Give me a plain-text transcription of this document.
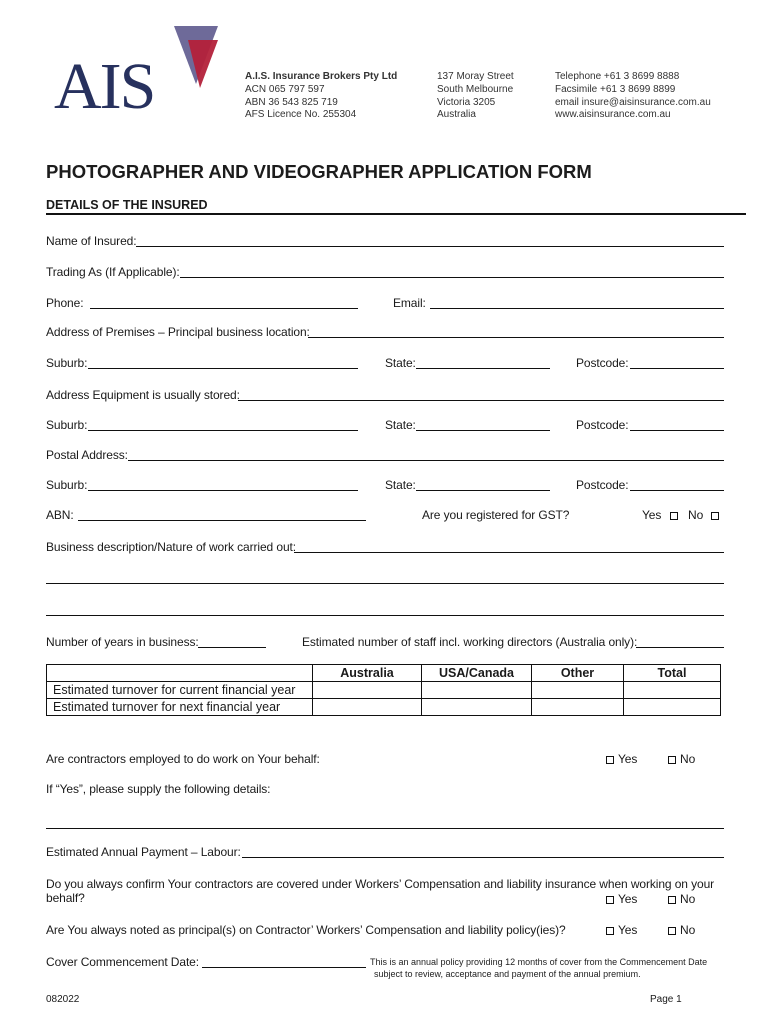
AIS	A.I.S. Insurance Brokers Pty Ltd
ACN 065 797 597
ABN 36 543 825 719
AFS Licence No. 255304
137 Moray Street
South Melbourne
Victoria 3205
Australia
Telephone +61 3 8699 8888
Facsimile +61 3 8699 8899
email insure@aisinsurance.com.au
www.aisinsurance.com.au
PHOTOGRAPHER AND VIDEOGRAPHER APPLICATION FORM
DETAILS OF THE INSURED
Name of Insured:
Trading As (If Applicable):
Phone:	Email:
Address of Premises – Principal business location:
Suburb:	State:	Postcode:
Address Equipment is usually stored:
Suburb:	State:	Postcode:
Postal Address:
Suburb:	State:	Postcode:
ABN:	Are you registered for GST?	Yes	No
Business description/Nature of work carried out:
Number of years in business:	Estimated number of staff incl. working directors (Australia only):
	Australia	USA/Canada	Other	Total
Estimated turnover for current financial year				
Estimated turnover for next financial year				
Are contractors employed to do work on Your behalf:	Yes	No
If “Yes”, please supply the following details:
Estimated Annual Payment – Labour:
Do you always confirm Your contractors are covered under Workers’ Compensation and liability insurance when working on your
behalf?	Yes	No
Are You always noted as principal(s) on Contractor’ Workers’ Compensation and liability policy(ies)?	Yes	No
Cover Commencement Date:	This is an annual policy providing 12 months of cover from the Commencement Date
subject to review, acceptance and payment of the annual premium.
082022	Page 1
